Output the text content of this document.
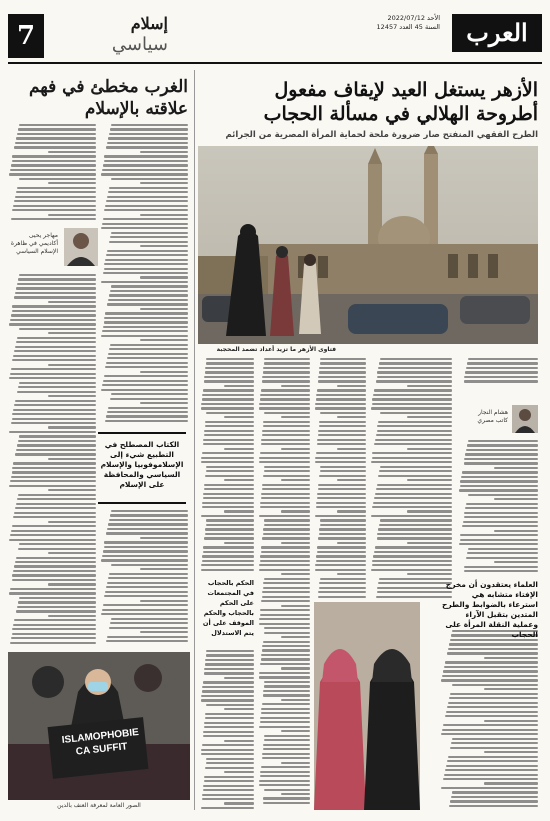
العرب
الأحد 2022/07/12
السنة 45 العدد 12457
7	إسلام
سياسي
الأزهر يستغل العيد لإيقاف مفعول أطروحة الهلالي في مسألة الحجاب
الطرح الفقهي المنفتح صار ضرورة ملحة لحماية المرأة المصرية من الجرائم
فتاوى الأزهر ما تزيد أعداد تضمد المحجبة
هشام النجار
كاتب مصري
العلماء يعتقدون أن مخرج الإفتاء متشابه هي استرعاء بالضوابط والطرح المتدين بتقبل الآراء وعملية النقلة المرأة على الحجاب
الحكم بالحجاب في المجتمعات على الحكم بالحجاب والحكم الموقف على أن يتم الاستدلال
الغرب مخطئ في فهم علاقته بالإسلام
مهاجر يحيى
أكاديمي في ظاهرة الإسلام السياسي
الكتاب المصطلح في التطبيع شيء إلى الإسلاموفوبيا والإسلام السياسي والمحافظة على الإسلام
ISLAMOPHOBIE CA SUFFIT
الصور العامة لمعرفة العنف بالدين
